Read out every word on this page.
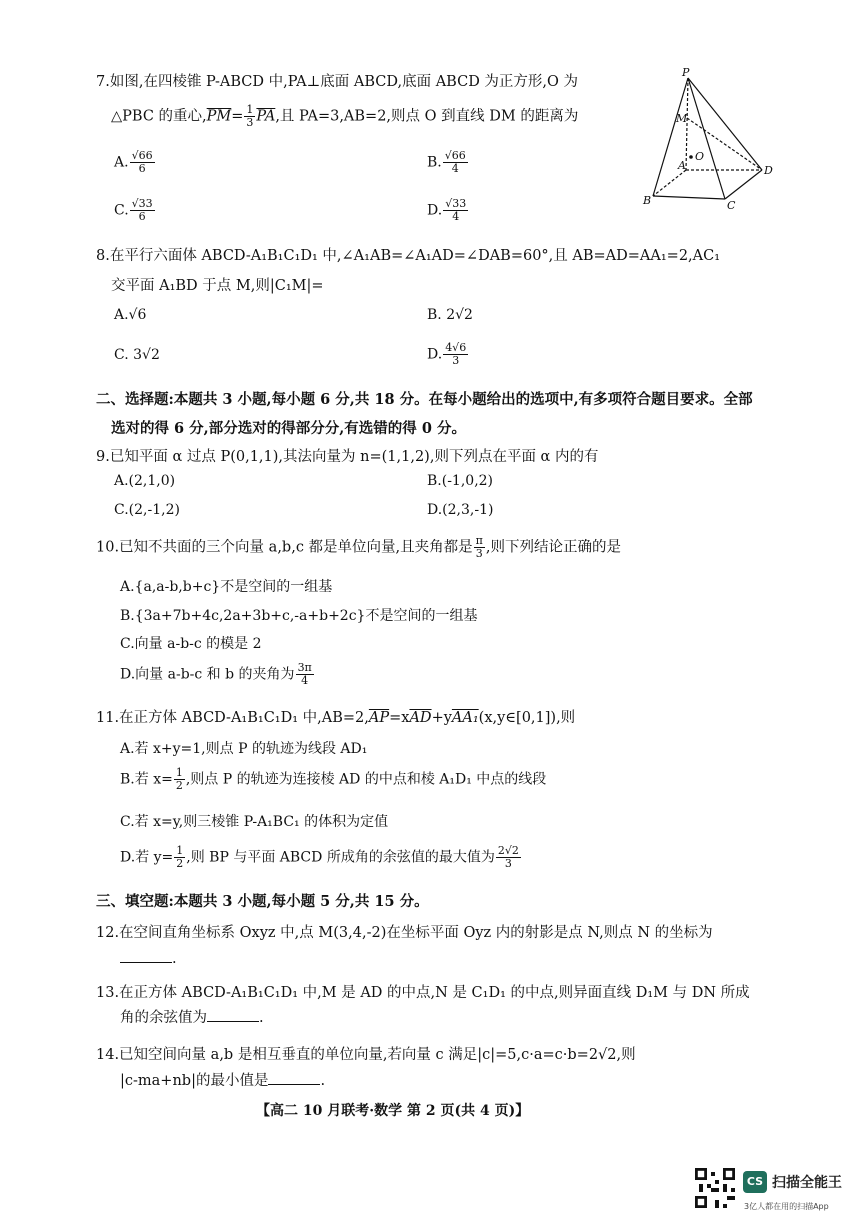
7.如图,在四棱锥 P-ABCD 中,PA⊥底面 ABCD,底面 ABCD 为正方形,O 为
△PBC 的重心$,\overline{PM}= \frac{1}{3} \overline{PA}$,且 PA=3,AB=2,则点 O 到直线 DM 的距离为
A. $\frac{√66}{6}$	B. $\frac{√66}{4}$
C. $\frac{√33}{6}$	D. $\frac{√33}{4}$
P
M
O
A
B	C
D
8.在平行六面体 ABCD-A₁B₁C₁D₁ 中,∠A₁AB=∠A₁AD=∠DAB=60°,且 AB=AD=AA₁=2,AC₁
交平面 A₁BD 于点 M,则|C₁M|=
A.√6	B. 2√2
C. 3√2	D. $\frac{4√6}{3}$
二、选择题:本题共 3 小题,每小题 6 分,共 18 分。在每小题给出的选项中,有多项符合题目要求。全部
选对的得 6 分,部分选对的得部分分,有选错的得 0 分。
9.已知平面 α 过点 P(0,1,1),其法向量为 n=(1,1,2),则下列点在平面 α 内的有
A.(2,1,0)	B.(-1,0,2)
C.(2,-1,2)	D.(2,3,-1)
10.已知不共面的三个向量 a,b,c 都是单位向量,且夹角都是 $\frac{\pi}{3}$ ,则下列结论正确的是
A.{a,a-b,b+c}不是空间的一组基
B.{3a+7b+4c,2a+3b+c,-a+b+2c}不是空间的一组基
C.向量 a-b-c 的模是 2
D.向量 a-b-c 和 b 的夹角为 $\frac{3\pi}{4}$
11.在正方体 ABCD-A₁B₁C₁D₁ 中$,AB=2,\overline{AP}=x\overline{AD}+yAA_1(x,y\in[0,1])$,则
A.若 x+y=1,则点 P 的轨迹为线段 AD₁
B.若 $x= \frac{1}{2}$ ,则点 P 的轨迹为连接棱 AD 的中点和棱 A₁D₁ 中点的线段
C.若 x=y,则三棱锥 P-A₁BC₁ 的体积为定值
D.若 $y= \frac{1}{2}$ ,则 BP 与平面 ABCD 所成角的余弦值的最大值为 $\frac{2√2}{3}$
三、填空题:本题共 3 小题,每小题 5 分,共 15 分。
12.在空间直角坐标系 Oxyz 中,点 M(3,4,-2)在坐标平面 Oyz 内的射影是点 N,则点 N 的坐标为
.
13.在正方体 ABCD-A₁B₁C₁D₁ 中,M 是 AD 的中点,N 是 C₁D₁ 的中点,则异面直线 D₁M 与 DN 所成
角的余弦值为	.
14.已知空间向量 a,b 是相互垂直的单位向量,若向量 c 满足|c|=5,c·a=c·b=2√2,则
|c-ma+nb|的最小值是	.
【高二 10 月联考·数学 第 2 页(共 4 页)】
CS 扫描全能王
3亿人都在用的扫描App
